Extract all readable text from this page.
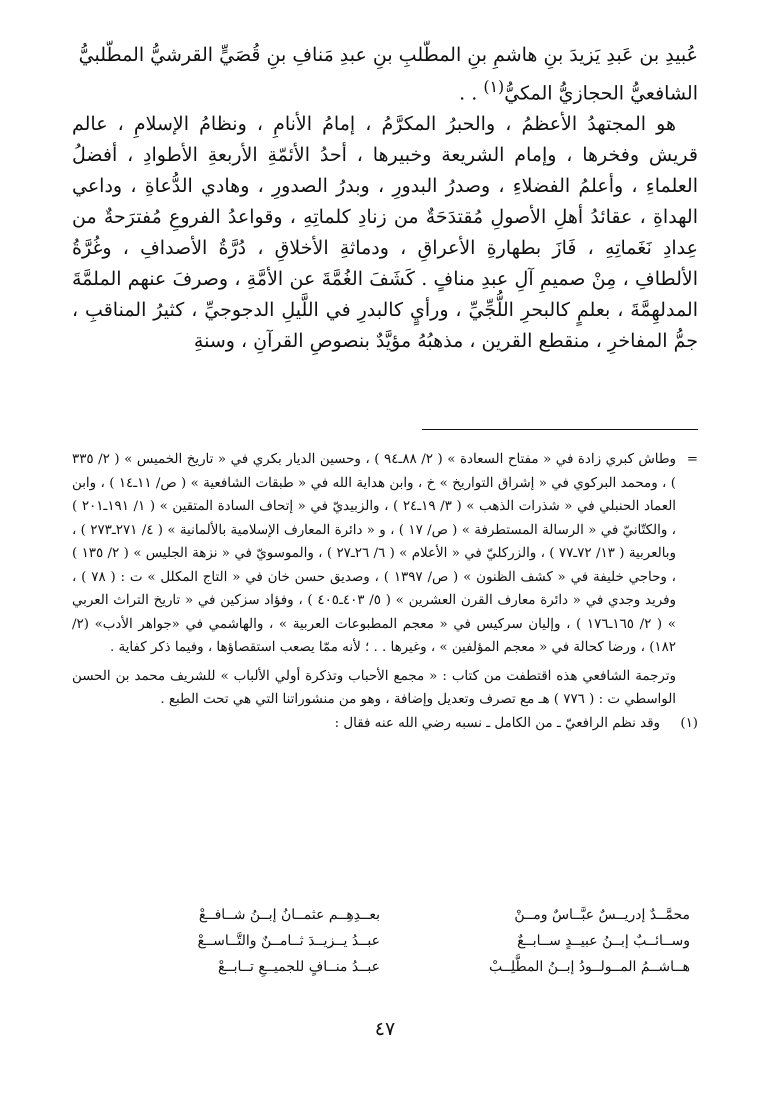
عُبيدِ بن عَبدِ يَزيدَ بنِ هاشمِ بنِ المطَّلبِ بنِ عبدِ مَنافِ بنِ قُصَيٍّ القرشيُّ المطَّلبيُّ

الشافعيُّ الحجازيُّ المكيُّ$^{(١)}$ . .

هو المجتهدُ الأعظمُ ، والحبرُ المكرَّمُ ، إمامُ الأنامِ ، ونظامُ الإسلامِ ، عالم قريش وفخرها ، وإمام الشريعة وخبيرها ، أحدُ الأئمّةِ الأربعةِ الأطوادِ ، أفضلُ العلماءِ ، وأعلمُ الفضلاءِ ، وصدرُ البدورِ ، وبدرُ الصدورِ ، وهادي الدُّعاةِ ، وداعي الهداةِ ، عقائدُ أهلِ الأصولِ مُقتدَحَةٌ من زنادِ كلماتِهِ ، وقواعدُ الفروعِ مُفترَحةٌ من عِدادِ نَغَماتِهِ ، فَازَ بطهارةِ الأعراقِ ، ودماثةِ الأخلاقِ ، دُرَّةُ الأصدافِ ، وغُرَّةُ الألطافِ ، مِنْ صميمِ آلِ عبدِ منافٍ . كَشَفَ الغُمَّةَ عن الأمَّةِ ، وصرفَ عنهم الملمَّةَ المدلهِمَّةَ ، بعلمٍ كالبحرِ اللُّجِّيِّ ، ورأيٍ كالبدرِ في اللَّيلِ الدجوجيِّ ، كثيرُ المناقبِ ، جمُّ المفاخرِ ، منقطع القرين ، مذهبُهُ مؤيَّدٌ بنصوصِ القرآنِ ، وسنةِ

=
وطاش كبري زادة في « مفتاح السعادة » ( ٢/ ٨٨ـ٩٤ ) ، وحسين الديار بكري في « تاريخ الخميس » ( ٢/ ٣٣٥ ) ، ومحمد البركوي في « إشراق التواريخ » خ ، وابن هداية الله في « طبقات الشافعية » ( ص/ ١١ـ١٤ ) ، وابن العماد الحنبلي في « شذرات الذهب » ( ٣/ ١٩ـ٢٤ ) ، والزبيديّ في « إتحاف السادة المتقين » ( ١/ ١٩١ـ٢٠١ ) ، والكتّانيّ في « الرسالة المستطرفة » ( ص/ ١٧ ) ، و « دائرة المعارف الإسلامية بالألمانية » ( ٤/ ٢٧١ـ٢٧٣ ) ، وبالعربية ( ١٣/ ٧٢ـ٧٧ ) ، والزركليّ في « الأعلام » ( ٦/ ٢٦ـ٢٧ ) ، والموسويّ في « نزهة الجليس » ( ٢/ ١٣٥ ) ، وحاجي خليفة في « كشف الظنون » ( ص/ ١٣٩٧ ) ، وصديق حسن خان في « التاج المكلل » ت : ( ٧٨ ) ، وفريد وجدي في « دائرة معارف القرن العشرين » ( ٥/ ٤٠٣ـ٤٠٥ ) ، وفؤاد سزكين في « تاريخ التراث العربي » ( ٢/ ١٦٥ـ١٧٦ ) ، وإليان سركيس في « معجم المطبوعات العربية » ، والهاشمي في «جواهر الأدب» (٢/ ١٨٢) ، ورضا كحالة في « معجم المؤلفين » ، وغيرها . . ؛ لأنه ممّا يصعب استقصاؤها ، وفيما ذكر كفاية .

وترجمة الشافعي هذه اقتطفت من كتاب : « مجمع الأحباب وتذكرة أولي الألباب » للشريف محمد بن الحسن الواسطي ت : ( ٧٧٦ ) هـ مع تصرف وتعديل وإضافة ، وهو من منشوراتنا التي هي تحت الطبع .

(١)
وقد نظم الرافعيّ ـ من الكامل ـ نسبه رضي الله عنه فقال :

محمَّــدٌ إدريــسٌ عبَّــاسٌ ومــنْ
بعــدِهِــم عثمــانُ إبــنُ شــافــعْ
وســائــبٌ إبــنُ عبيــدٍ ســابــعٌ
عبــدُ يــزيــدَ ثــامــنٌ والتَّــاســعْ
هــاشــمُ المــولــودُ إبــنُ المطَّلِــبْ
عبــدُ منــافٍ للجميــعِ تــابــعْ
٤٧
